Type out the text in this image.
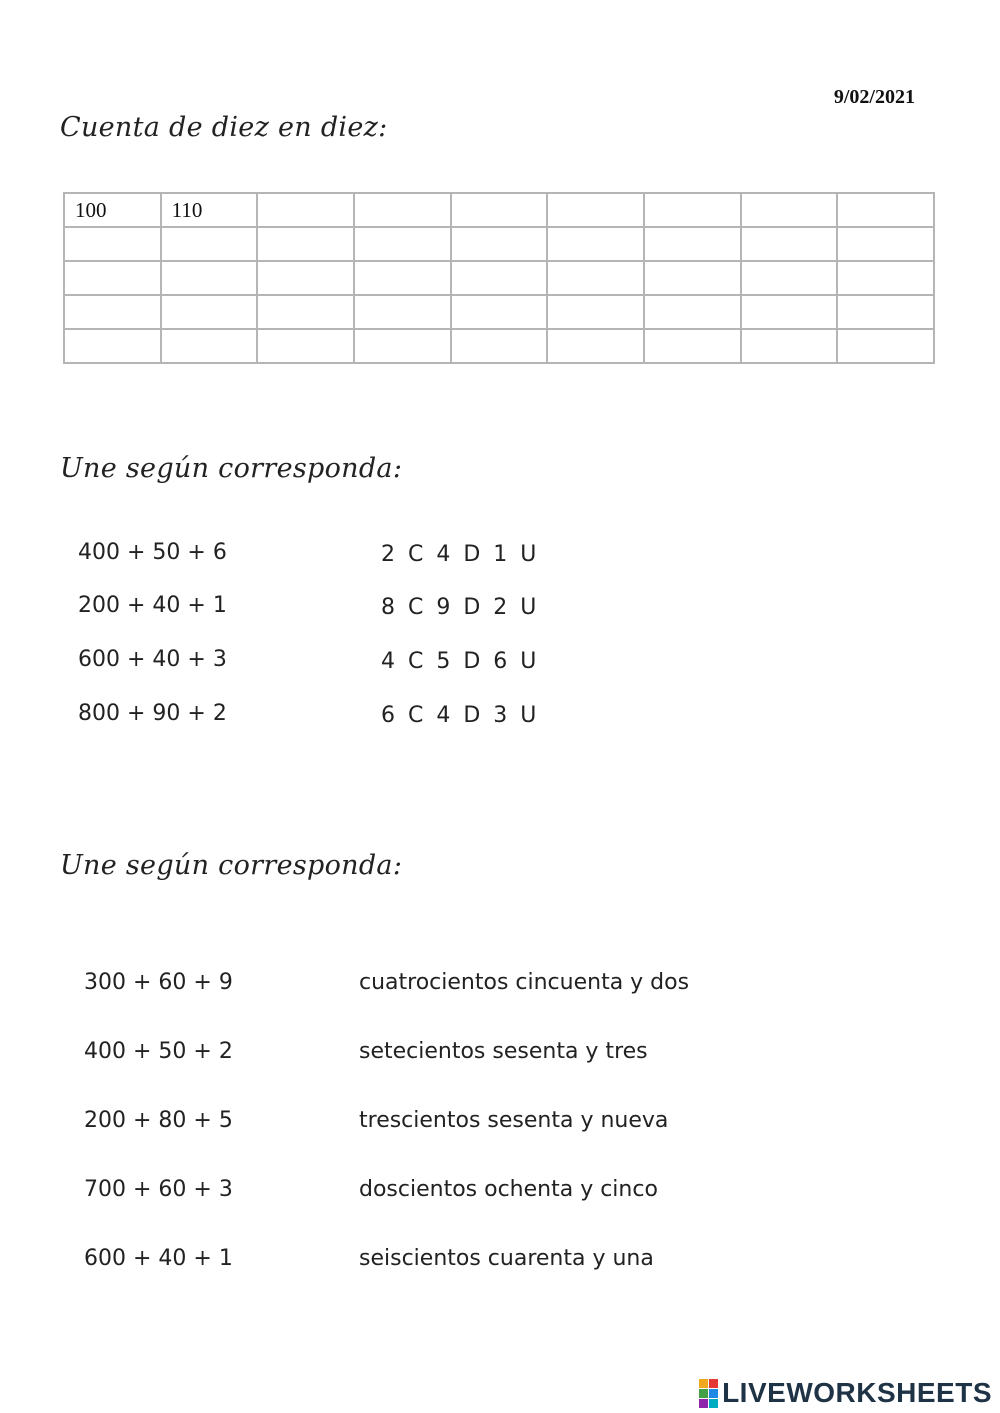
9/02/2021
Cuenta de diez en diez:
100	110							

Une según corresponda:
400 + 50 + 6
200 + 40 + 1
600 + 40 + 3
800 + 90 + 2
2 C 4 D 1 U
8 C 9 D 2 U
4 C 5 D 6 U
6 C 4 D 3 U
Une según corresponda:
300 + 60 + 9
400 + 50 + 2
200 + 80 + 5
700 + 60 + 3
600 + 40 + 1
cuatrocientos cincuenta y dos
setecientos sesenta y tres
trescientos sesenta y nueva
doscientos ochenta y cinco
seiscientos cuarenta y una
LIVEWORKSHEETS
